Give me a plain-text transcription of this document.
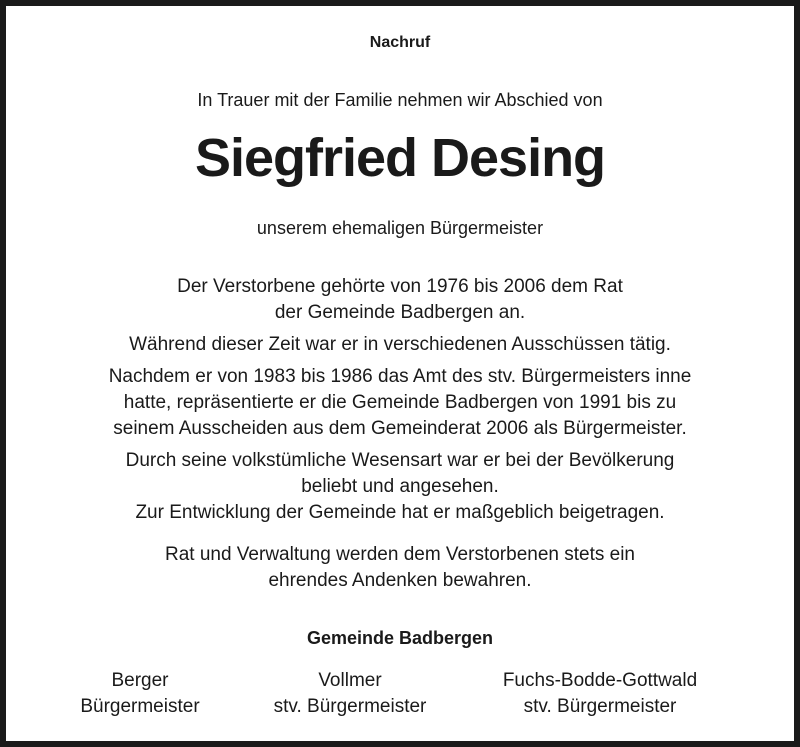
Nachruf
In Trauer mit der Familie nehmen wir Abschied von
Siegfried Desing
unserem ehemaligen Bürgermeister

Der Verstorbene gehörte von 1976 bis 2006 dem Rat
der Gemeinde Badbergen an.

Während dieser Zeit war er in verschiedenen Ausschüssen tätig.

Nachdem er von 1983 bis 1986 das Amt des stv. Bürgermeisters inne
hatte, repräsentierte er die Gemeinde Badbergen von 1991 bis zu
seinem Ausscheiden aus dem Gemeinderat 2006 als Bürgermeister.

Durch seine volkstümliche Wesensart war er bei der Bevölkerung
beliebt und angesehen.
Zur Entwicklung der Gemeinde hat er maßgeblich beigetragen.

Rat und Verwaltung werden dem Verstorbenen stets ein
ehrendes Andenken bewahren.
Gemeinde Badbergen
Berger
Bürgermeister
Vollmer
stv. Bürgermeister
Fuchs-Bodde-Gottwald
stv. Bürgermeister
